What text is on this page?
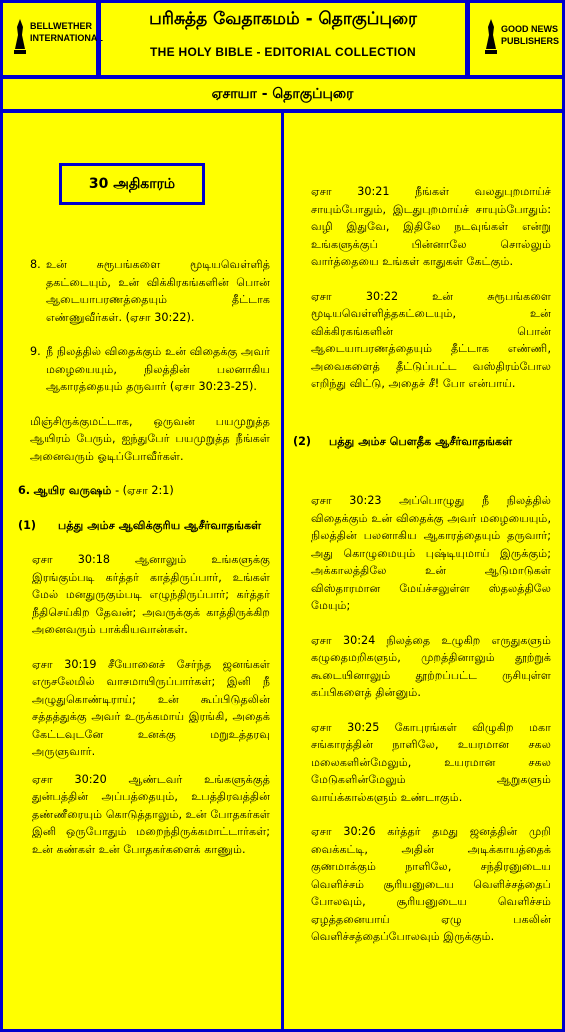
BELLWETHER
INTERNATIONAL
பரிசுத்த வேதாகமம் - தொகுப்புரை
THE HOLY BIBLE - EDITORIAL COLLECTION
GOOD NEWS
PUBLISHERS
ஏசாயா - தொகுப்புரை
30 அதிகாரம்
8. உன் சுரூபங்களை மூடியவெள்ளித் தகட்டையும், உன் விக்கிரகங்களின் பொன் ஆடையாபரணத்தையும் தீட்டாக எண்ணுவீர்கள். (ஏசா 30:22).

9. நீ நிலத்தில் விதைக்கும் உன் விதைக்கு அவர் மழையையும், நிலத்தின் பலனாகிய ஆகாரத்தையும் தருவார் (ஏசா 30:23-25).

மிஞ்சிருக்குமட்டாக, ஒருவன் பயமுறுத்த ஆயிரம் பேரும், ஐந்துபேர் பயமுறுத்த நீங்கள் அனைவரும் ஓடிப்போவீர்கள்.

6. ஆயிர வருஷம் - (ஏசா 2:1)
(1) பத்து அம்ச ஆவிக்குரிய ஆசீர்வாதங்கள்

ஏசா 30:18 ஆனாலும் உங்களுக்கு இரங்கும்படி கர்த்தர் காத்திருப்பார், உங்கள் மேல் மனதுருகும்படி எழுந்திருப்பார்; கர்த்தர் நீதிசெய்கிற தேவன்; அவருக்குக் காத்திருக்கிற அனைவரும் பாக்கியவான்கள்.

ஏசா 30:19 சீயோனைச் சேர்ந்த ஜனங்கள் எருசலேமில் வாசமாயிருப்பார்கள்; இனி நீ அழுதுகொண்டிராய்; உன் கூப்பிடுதலின் சத்தத்துக்கு அவர் உருக்கமாய் இரங்கி, அதைக் கேட்டவுடனே உனக்கு மறுஉத்தரவு அருளுவார்.

ஏசா 30:20 ஆண்டவர் உங்களுக்குத் துன்பத்தின் அப்பத்தையும், உபத்திரவத்தின் தண்ணீரையும் கொடுத்தாலும், உன் போதகர்கள் இனி ஒருபோதும் மறைந்திருக்கமாட்டார்கள்; உன் கண்கள் உன் போதகர்களைக் காணும்.

ஏசா 30:21 நீங்கள் வலதுபுறமாய்ச் சாயும்போதும், இடதுபுறமாய்ச் சாயும்போதும்: வழி இதுவே, இதிலே நடவுங்கள் என்று உங்களுக்குப் பின்னாலே சொல்லும் வார்த்தையை உங்கள் காதுகள் கேட்கும்.

ஏசா 30:22 உன் சுரூபங்களை மூடியவெள்ளித்தகட்டையும், உன் விக்கிரகங்களின் பொன் ஆடையாபரணத்தையும் தீட்டாக எண்ணி, அவைகளைத் தீட்டுப்பட்ட வஸ்திரம்போல எறிந்து விட்டு, அதைச் சீ! போ என்பாய்.

(2) பத்து அம்ச பௌதீக ஆசீர்வாதங்கள்

ஏசா 30:23 அப்பொழுது நீ நிலத்தில் விதைக்கும் உன் விதைக்கு அவர் மழையையும், நிலத்தின் பலனாகிய ஆகாரத்தையும் தருவார்; அது கொழுமையும் புஷ்டியுமாய் இருக்கும்; அக்காலத்திலே உன் ஆடுமாடுகள் விஸ்தாரமான மேய்ச்சலுள்ள ஸ்தலத்திலே மேயும்;

ஏசா 30:24 நிலத்தை உழுகிற எருதுகளும் கழுதைமறிகளும், முறத்தினாலும் தூற்றுக் கூடையினாலும் தூற்றப்பட்ட ருசியுள்ள கப்பிகளைத் தின்னும்.

ஏசா 30:25 கோபுரங்கள் விழுகிற மகா சங்காரத்தின் நாளிலே, உயரமான சகல மலைகளின்மேலும், உயரமான சகல மேடுகளின்மேலும் ஆறுகளும் வாய்க்கால்களும் உண்டாகும்.

ஏசா 30:26 கர்த்தர் தமது ஜனத்தின் முறி வைக்கட்டி, அதின் அடிக்காயத்தைக் குணமாக்கும் நாளிலே, சந்திரனுடைய வெளிச்சம் சூரியனுடைய வெளிச்சத்தைப் போலவும், சூரியனுடைய வெளிச்சம் ஏழத்தனையாய் ஏழு பகலின் வெளிச்சத்தைப்போலவும் இருக்கும்.
